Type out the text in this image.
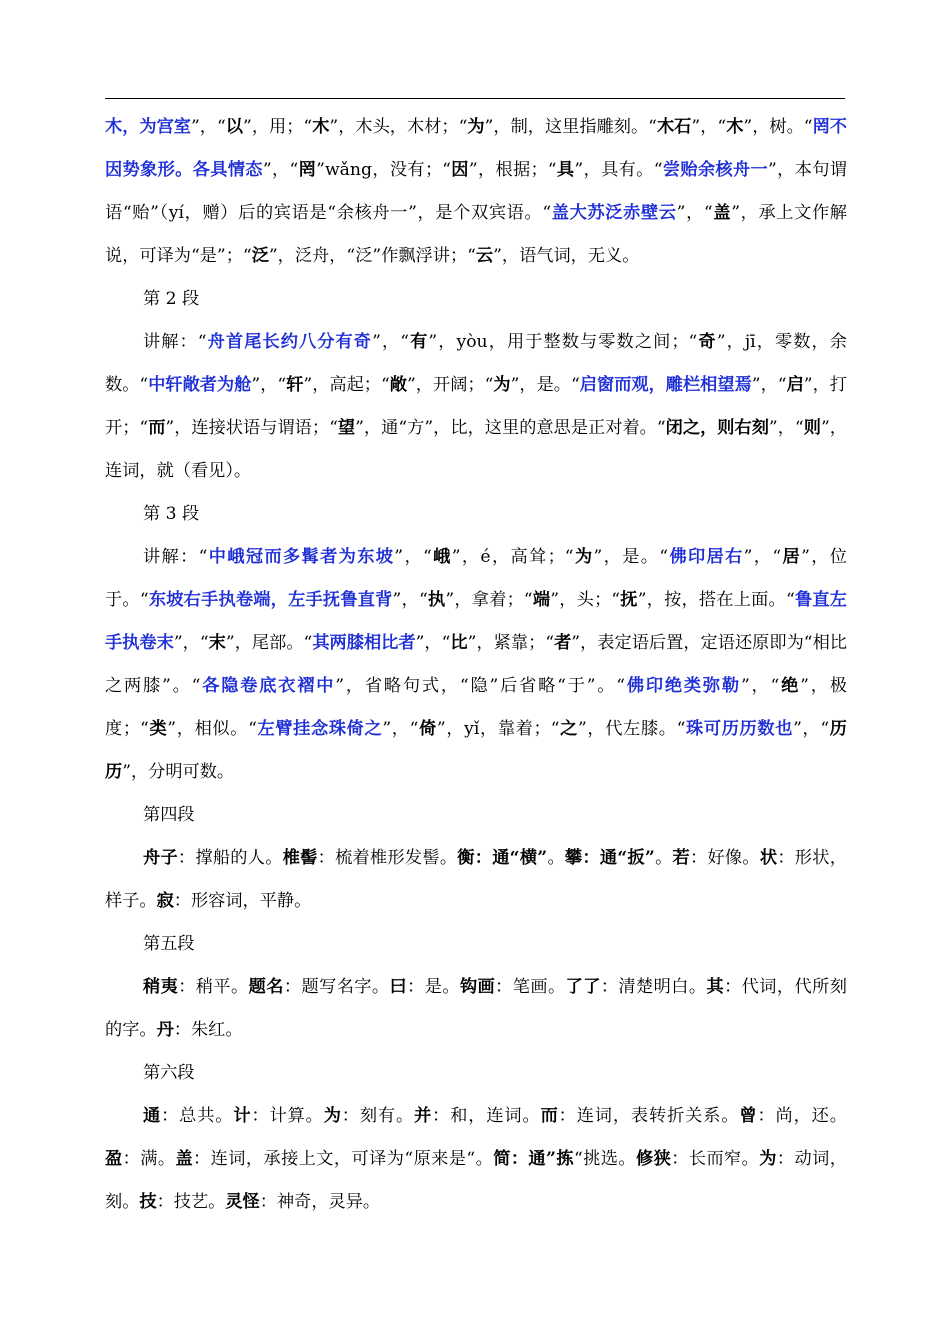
木，为宫室”，“以”，用；“木”，木头，木材；“为”，制，这里指雕刻。“木石”，“木”，树。“罔不因势象形。各具情态”，“罔”wǎng，没有；“因”，根据；“具”，具有。“尝贻余核舟一”，本句谓语“贻”（yí，赠）后的宾语是“余核舟一”，是个双宾语。“盖大苏泛赤壁云”，“盖”，承上文作解说，可译为“是”；“泛”，泛舟，“泛”作飘浮讲；“云”，语气词，无义。

第 2 段

讲解：“舟首尾长约八分有奇”，“有”，yòu，用于整数与零数之间；“奇”，jī，零数，余数。“中轩敞者为舱”，“轩”，高起；“敞”，开阔；“为”，是。“启窗而观，雕栏相望焉”，“启”，打开；“而”，连接状语与谓语；“望”，通“方”，比，这里的意思是正对着。“闭之，则右刻”，“则”，连词，就（看见）。

第 3 段

讲解：“中峨冠而多髯者为东坡”，“峨”，é，高耸；“为”，是。“佛印居右”，“居”，位于。“东坡右手执卷端，左手抚鲁直背”，“执”，拿着；“端”，头；“抚”，按，搭在上面。“鲁直左手执卷末”，“末”，尾部。“其两膝相比者”，“比”，紧靠；“者”，表定语后置，定语还原即为“相比之两膝”。“各隐卷底衣褶中”，省略句式，“隐”后省略“于”。“佛印绝类弥勒”，“绝”，极度；“类”，相似。“左臂挂念珠倚之”，“倚”，yǐ，靠着；“之”，代左膝。“珠可历历数也”，“历历”，分明可数。

第四段

舟子：撑船的人。椎髻：梳着椎形发髻。衡：通“横”。攀：通“扳”。若：好像。状：形状，样子。寂：形容词，平静。

第五段

稍夷：稍平。题名：题写名字。曰：是。钩画：笔画。了了：清楚明白。其：代词，代所刻的字。丹：朱红。

第六段

通：总共。计：计算。为：刻有。并：和，连词。而：连词，表转折关系。曾：尚，还。盈：满。盖：连词，承接上文，可译为“原来是“。简：通”拣“挑选。修狭：长而窄。为：动词，刻。技：技艺。灵怪：神奇，灵异。
